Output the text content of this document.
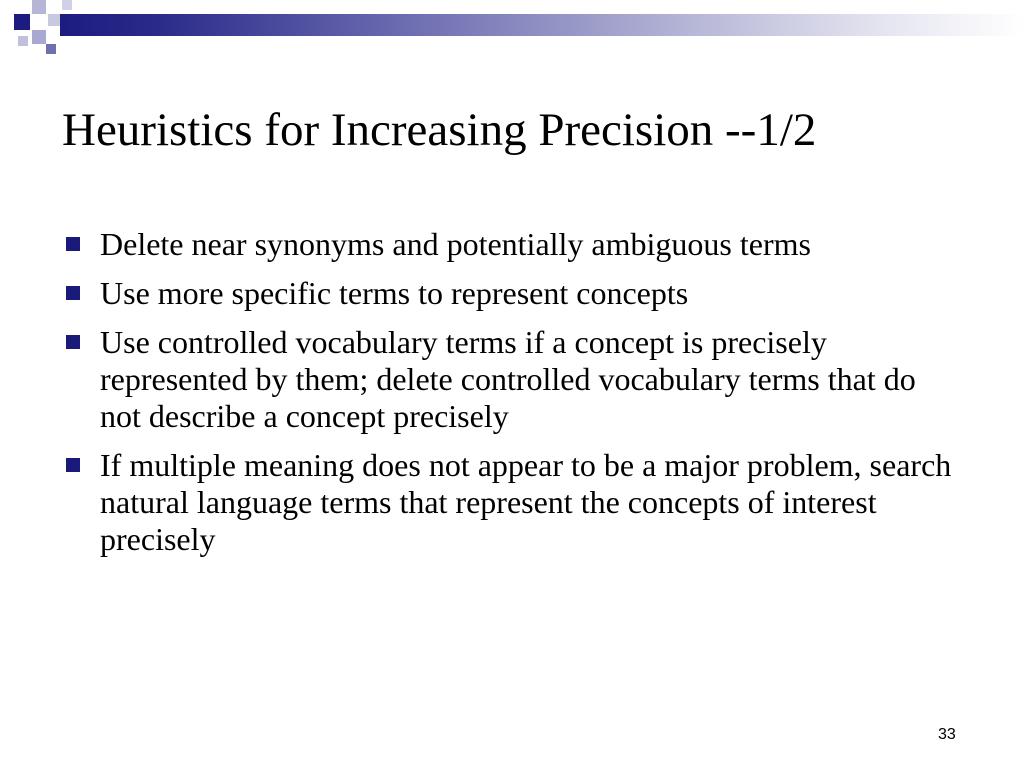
Heuristics for Increasing Precision --1/2
Delete near synonyms and potentially ambiguous terms
Use more specific terms to represent concepts
Use controlled vocabulary terms if a concept is precisely represented by them; delete controlled vocabulary terms that do not describe a concept precisely
If multiple meaning does not appear to be a major problem, search natural language terms that represent the concepts of interest precisely
33
